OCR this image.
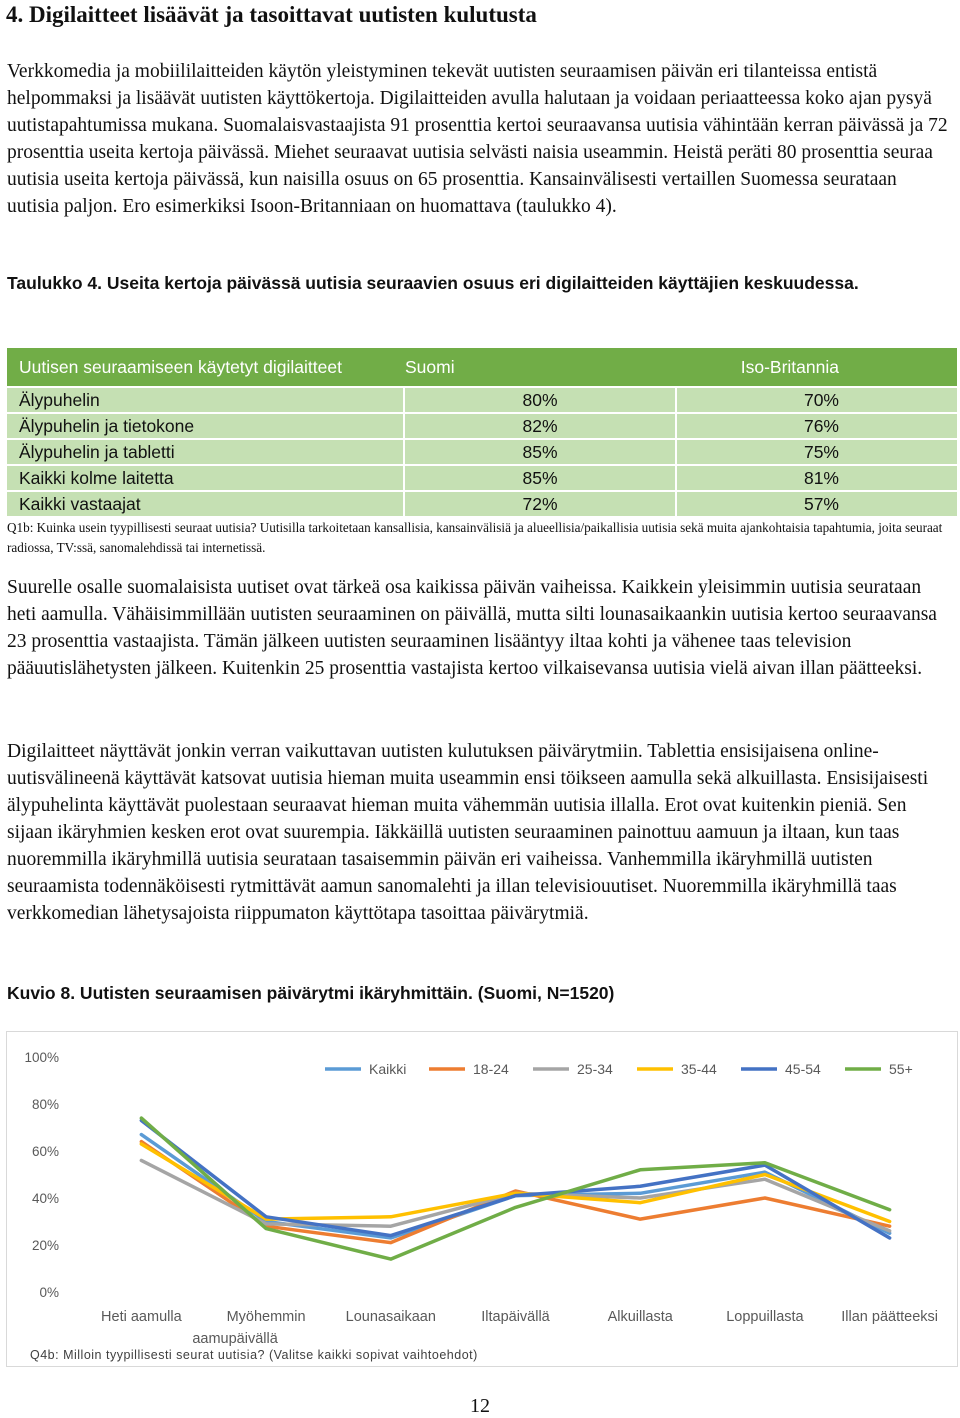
4. Digilaitteet lisäävät ja tasoittavat uutisten kulutusta

Verkkomedia ja mobiililaitteiden käytön yleistyminen tekevät uutisten seuraamisen päivän eri tilanteissa entistä helpommaksi ja lisäävät uutisten käyttökertoja. Digilaitteiden avulla halutaan ja voidaan periaatteessa koko ajan pysyä uutistapahtumissa mukana. Suomalaisvastaajista 91 prosenttia kertoi seuraavansa uutisia vähintään kerran päivässä ja 72 prosenttia useita kertoja päivässä. Miehet seuraavat uutisia selvästi naisia useammin. Heistä peräti 80 prosenttia seuraa uutisia useita kertoja päivässä, kun naisilla osuus on 65 prosenttia. Kansainvälisesti vertaillen Suomessa seurataan uutisia paljon. Ero esimerkiksi Isoon-Britanniaan on huomattava (taulukko 4).

Taulukko 4. Useita kertoja päivässä uutisia seuraavien osuus eri digilaitteiden käyttäjien keskuudessa.

Uutisen seuraamiseen käytetyt digilaitteet	Suomi	Iso-Britannia
Älypuhelin	80%	70%
Älypuhelin ja tietokone	82%	76%
Älypuhelin ja tabletti	85%	75%
Kaikki kolme laitetta	85%	81%
Kaikki vastaajat	72%	57%

Q1b: Kuinka usein tyypillisesti seuraat uutisia? Uutisilla tarkoitetaan kansallisia, kansainvälisiä ja alueellisia/paikallisia uutisia sekä muita ajankohtaisia tapahtumia, joita seuraat radiossa, TV:ssä, sanomalehdissä tai internetissä.

Suurelle osalle suomalaisista uutiset ovat tärkeä osa kaikissa päivän vaiheissa. Kaikkein yleisimmin uutisia seurataan heti aamulla. Vähäisimmillään uutisten seuraaminen on päivällä, mutta silti lounasaikaankin uutisia kertoo seuraavansa 23 prosenttia vastaajista. Tämän jälkeen uutisten seuraaminen lisääntyy iltaa kohti ja vähenee taas television pääuutislähetysten jälkeen. Kuitenkin 25 prosenttia vastajista kertoo vilkaisevansa uutisia vielä aivan illan päätteeksi.

Digilaitteet näyttävät jonkin verran vaikuttavan uutisten kulutuksen päivärytmiin. Tablettia ensisijaisena online-uutisvälineenä käyttävät katsovat uutisia hieman muita useammin ensi töikseen aamulla sekä alkuillasta. Ensisijaisesti älypuhelinta käyttävät puolestaan seuraavat hieman muita vähemmän uutisia illalla. Erot ovat kuitenkin pieniä. Sen sijaan ikäryhmien kesken erot ovat suurempia. Iäkkäillä uutisten seuraaminen painottuu aamuun ja iltaan, kun taas nuoremmilla ikäryhmillä uutisia seurataan tasaisemmin päivän eri vaiheissa. Vanhemmilla ikäryhmillä uutisten seuraamista todennäköisesti rytmittävät aamun sanomalehti ja illan televisiouutiset. Nuoremmilla ikäryhmillä taas verkkomedian lähetysajoista riippumaton käyttötapa tasoittaa päivärytmiä.

Kuvio 8. Uutisten seuraamisen päivärytmi ikäryhmittäin. (Suomi, N=1520)

0%
20%
40%
60%
80%
100%
Heti aamulla	Myöhemmin aamupäivällä
Lounasaikaan	Iltapäivällä	Alkuillasta	Loppuillasta	Illan päätteeksi
Kaikki	18-24	25-34	35-44	45-54	55+
Q4b: Milloin tyypillisesti seurat uutisia? (Valitse kaikki sopivat vaihtoehdot)
12
